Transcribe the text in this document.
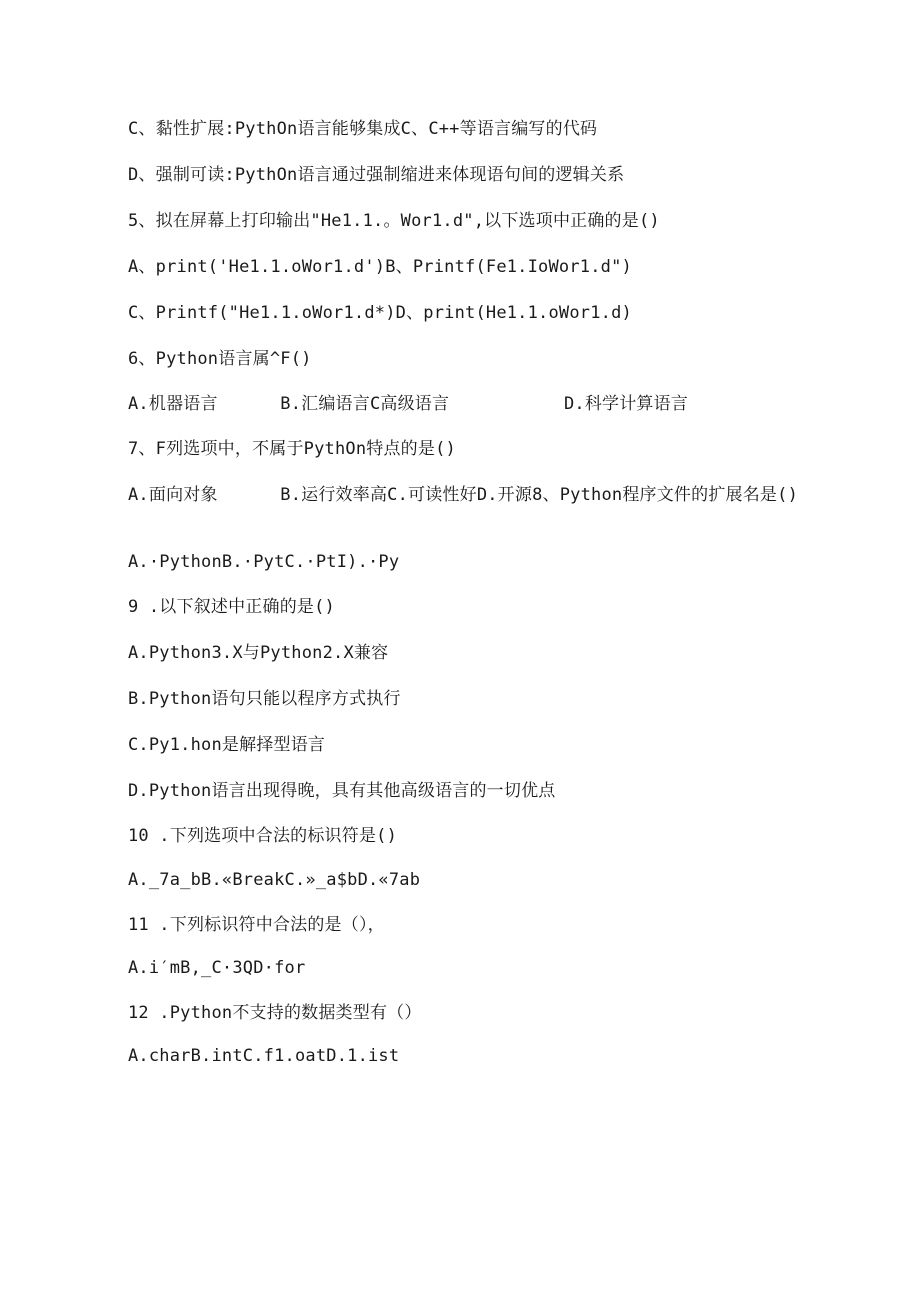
C、黏性扩展:PythOn语言能够集成C、C++等语言编写的代码
D、强制可读:PythOn语言通过强制缩进来体现语句间的逻辑关系
5、拟在屏幕上打印输出"He1.1.。Wor1.d",以下选项中正确的是()
A、print('He1.1.oWor1.d')B、Printf(Fe1.IoWor1.d")
C、Printf("He1.1.oWor1.d*)D、print(He1.1.oWor1.d)
6、Python语言属^F()
A.机器语言      B.汇编语言C高级语言           D.科学计算语言
7、F列选项中，不属于PythOn特点的是()
A.面向对象      B.运行效率高C.可读性好D.开源8、Python程序文件的扩展名是()
A.·PythonB.·PytC.·PtI).·Py
9 .以下叙述中正确的是()
A.Python3.X与Python2.X兼容
B.Python语句只能以程序方式执行
C.Py1.hon是解择型语言
D.Python语言出现得晚，具有其他高级语言的一切优点
10 .下列选项中合法的标识符是()
A._7a_bB.«BreakC.»_a$bD.«7ab
11 .下列标识符中合法的是（），
A.i′mB,_C·3QD·for
12 .Python不支持的数据类型有（）
A.charB.intC.f1.oatD.1.ist
